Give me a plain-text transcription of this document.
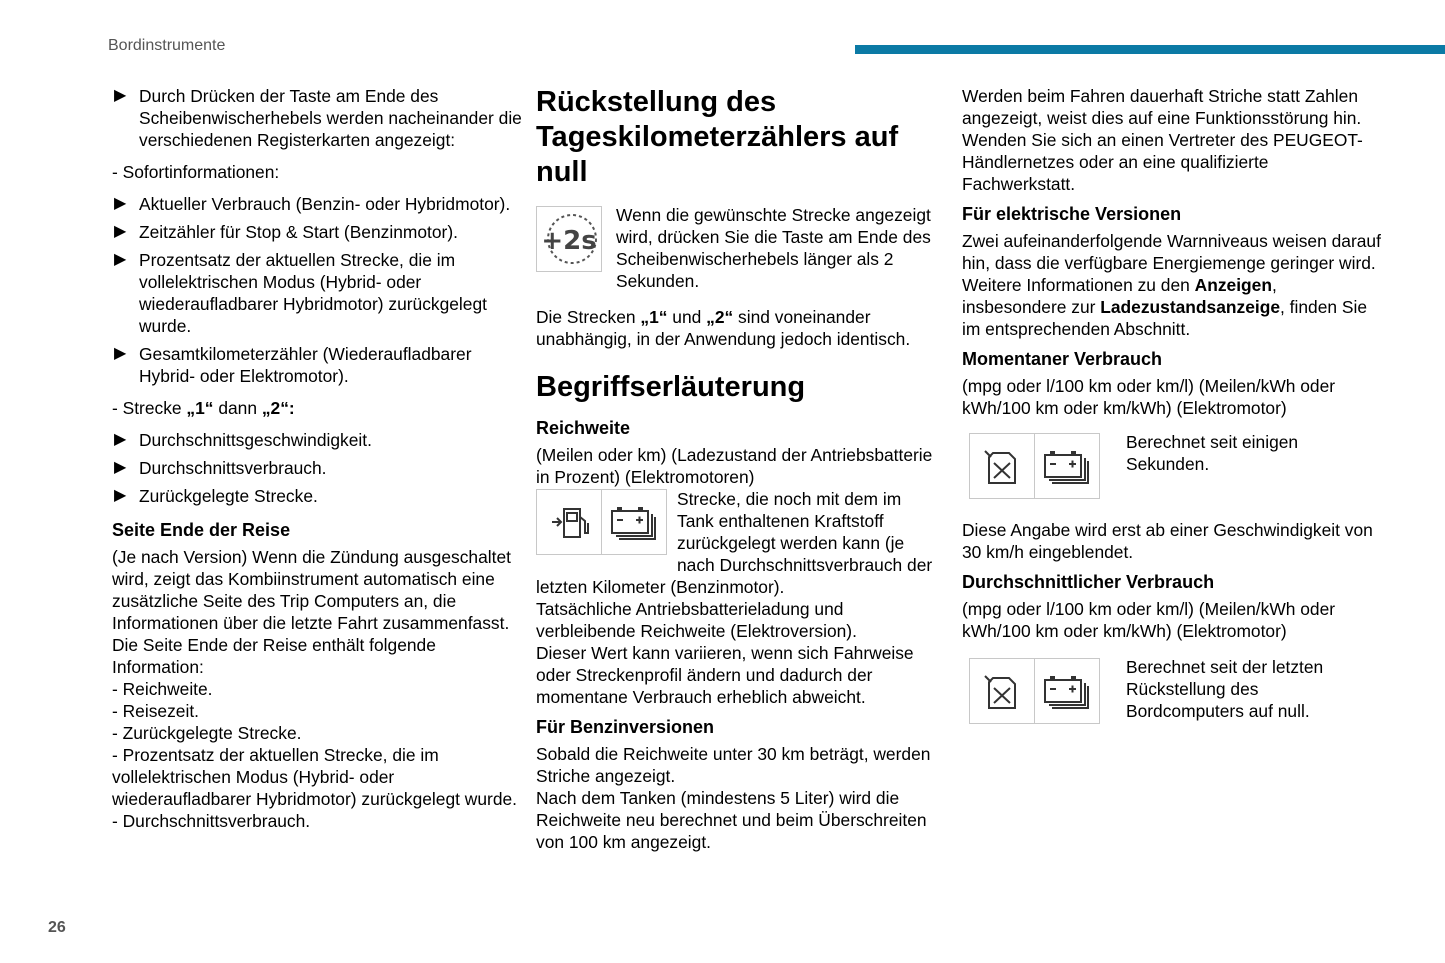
Bordinstrumente
▶ Durch Drücken der Taste am Ende des Scheibenwischerhebels werden nacheinander die verschiedenen Registerkarten angezeigt:

- Sofortinformationen:

▶ Aktueller Verbrauch (Benzin- oder Hybridmotor).
▶ Zeitzähler für Stop & Start (Benzinmotor).
▶ Prozentsatz der aktuellen Strecke, die im vollelektrischen Modus (Hybrid- oder wiederaufladbarer Hybridmotor) zurückgelegt wurde.
▶ Gesamtkilometerzähler (Wiederaufladbarer Hybrid- oder Elektromotor).

- Strecke „1“ dann „2“:

▶ Durchschnittsgeschwindigkeit.
▶ Durchschnittsverbrauch.
▶ Zurückgelegte Strecke.

Seite Ende der Reise

(Je nach Version) Wenn die Zündung ausgeschaltet wird, zeigt das Kombiinstrument automatisch eine zusätzliche Seite des Trip Computers an, die Informationen über die letzte Fahrt zusammenfasst.

Die Seite Ende der Reise enthält folgende Information:

- Reichweite.

- Reisezeit.

- Zurückgelegte Strecke.

- Prozentsatz der aktuellen Strecke, die im vollelektrischen Modus (Hybrid- oder wiederaufladbarer Hybridmotor) zurückgelegt wurde.

- Durchschnittsverbrauch.

Rückstellung des Tageskilometerzählers auf null

+2s

Wenn die gewünschte Strecke angezeigt wird, drücken Sie die Taste am Ende des Scheibenwischerhebels länger als 2 Sekunden.

Die Strecken „1“ und „2“ sind voneinander unabhängig, in der Anwendung jedoch identisch.

Begriffserläuterung

Reichweite

(Meilen oder km) (Ladezustand der Antriebsbatterie in Prozent) (Elektromotoren)

Strecke, die noch mit dem im Tank enthaltenen Kraftstoff zurückgelegt werden kann (je nach Durchschnittsverbrauch der letzten Kilometer (Benzinmotor).

Tatsächliche Antriebsbatterieladung und verbleibende Reichweite (Elektroversion).

Dieser Wert kann variieren, wenn sich Fahrweise oder Streckenprofil ändern und dadurch der momentane Verbrauch erheblich abweicht.

Für Benzinversionen

Sobald die Reichweite unter 30 km beträgt, werden Striche angezeigt.

Nach dem Tanken (mindestens 5 Liter) wird die Reichweite neu berechnet und beim Überschreiten von 100 km angezeigt.

Werden beim Fahren dauerhaft Striche statt Zahlen angezeigt, weist dies auf eine Funktionsstörung hin.

Wenden Sie sich an einen Vertreter des PEUGEOT-Händlernetzes oder an eine qualifizierte Fachwerkstatt.

Für elektrische Versionen

Zwei aufeinanderfolgende Warnniveaus weisen darauf hin, dass die verfügbare Energiemenge geringer wird.

Weitere Informationen zu den Anzeigen, insbesondere zur Ladezustandsanzeige, finden Sie im entsprechenden Abschnitt.

Momentaner Verbrauch

(mpg oder l/100 km oder km/l) (Meilen/kWh oder kWh/100 km oder km/kWh) (Elektromotor)

Berechnet seit einigen Sekunden.

Diese Angabe wird erst ab einer Geschwindigkeit von 30 km/h eingeblendet.

Durchschnittlicher Verbrauch

(mpg oder l/100 km oder km/l) (Meilen/kWh oder kWh/100 km oder km/kWh) (Elektromotor)

Berechnet seit der letzten Rückstellung des Bordcomputers auf null.

26
